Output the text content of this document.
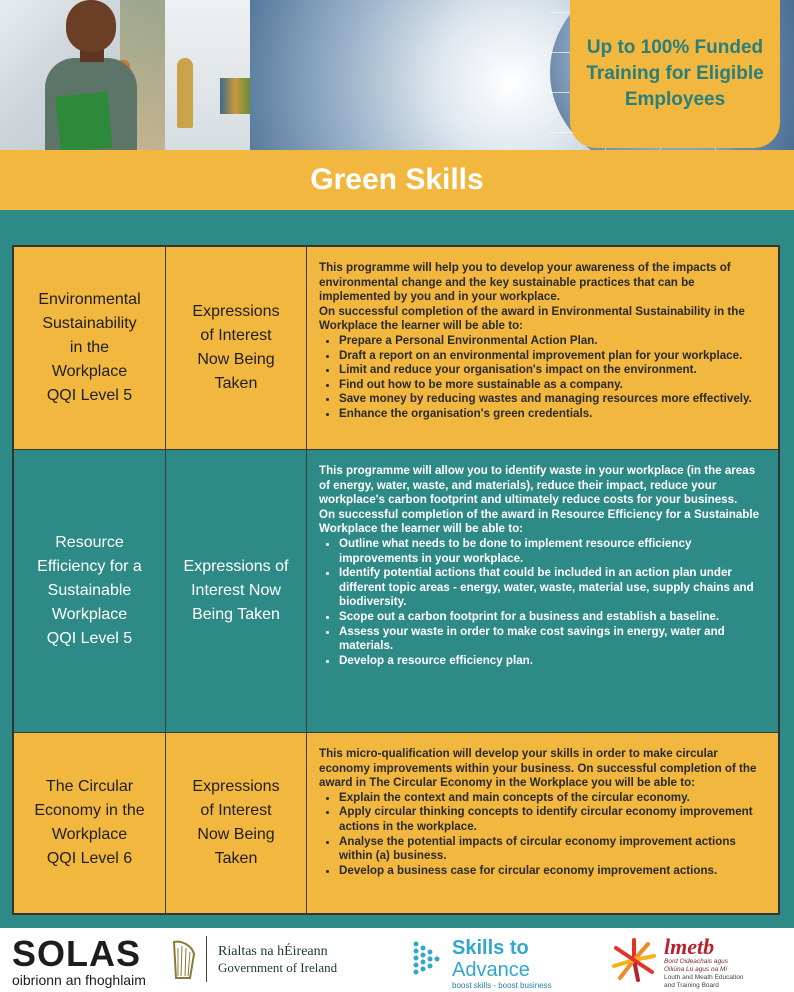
Up to 100% Funded Training for Eligible Employees
Green Skills
Environmental
Sustainability
in the
Workplace
QQI Level 5
Expressions
of Interest
Now Being
Taken

This programme will help you to develop your awareness of the impacts of environmental change and the key sustainable practices that can be implemented by you and in your workplace.

On successful completion of the award in Environmental Sustainability in the Workplace the learner will be able to:

• Prepare a Personal Environmental Action Plan.
• Draft a report on an environmental improvement plan for your workplace.
• Limit and reduce your organisation's impact on the environment.
• Find out how to be more sustainable as a company.
• Save money by reducing wastes and managing resources more effectively.
• Enhance the organisation's green credentials.
Resource
Efficiency for a
Sustainable
Workplace
QQI Level 5
Expressions of
Interest Now
Being Taken

This programme will allow you to identify waste in your workplace (in the areas of energy, water, waste, and materials), reduce their impact, reduce your workplace's carbon footprint and ultimately reduce costs for your business.

On successful completion of the award in Resource Efficiency for a Sustainable Workplace the learner will be able to:

• Outline what needs to be done to implement resource efficiency improvements in your workplace.
• Identify potential actions that could be included in an action plan under different topic areas - energy, water, waste, material use, supply chains and biodiversity.
• Scope out a carbon footprint for a business and establish a baseline.
• Assess your waste in order to make cost savings in energy, water and materials.
• Develop a resource efficiency plan.
The Circular
Economy in the
Workplace
QQI Level 6
Expressions
of Interest
Now Being
Taken

This micro-qualification will develop your skills in order to make circular economy improvements within your business. On successful completion of the award in The Circular Economy in the Workplace you will be able to:

• Explain the context and main concepts of the circular economy.
• Apply circular thinking concepts to identify circular economy improvement actions in the workplace.
• Analyse the potential impacts of circular economy improvement actions within (a) business.
• Develop a business case for circular economy improvement actions.
SOLAS
oibrionn an fhoghlaim
Rialtas na hÉireann
Government of Ireland
Skills to
Advance
boost skills - boost business
lmetb
Bord Oideachais agus
Oiliúna Lú agus na Mí
Louth and Meath Education
and Training Board
